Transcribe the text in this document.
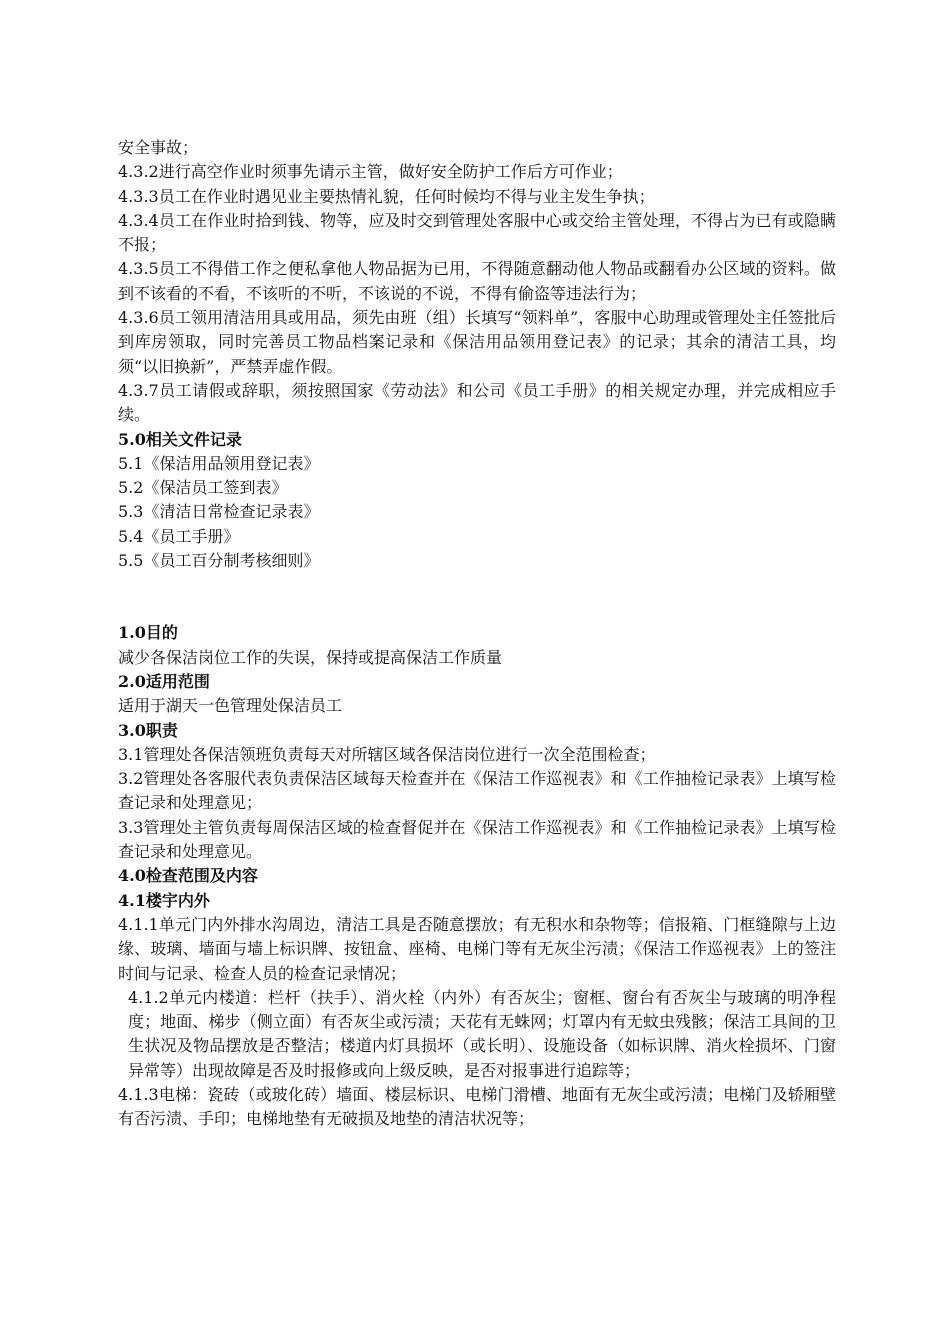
安全事故；

4.3.2进行高空作业时须事先请示主管，做好安全防护工作后方可作业；

4.3.3员工在作业时遇见业主要热情礼貌，任何时候均不得与业主发生争执；

4.3.4员工在作业时拾到钱、物等，应及时交到管理处客服中心或交给主管处理，不得占为已有或隐瞒不报；

4.3.5员工不得借工作之便私拿他人物品据为已用，不得随意翻动他人物品或翻看办公区域的资料。做到不该看的不看，不该听的不听，不该说的不说，不得有偷盗等违法行为；

4.3.6员工领用清洁用具或用品，须先由班（组）长填写“领料单”，客服中心助理或管理处主任签批后到库房领取，同时完善员工物品档案记录和《保洁用品领用登记表》的记录；其余的清洁工具，均须“以旧换新”，严禁弄虚作假。

4.3.7员工请假或辞职，须按照国家《劳动法》和公司《员工手册》的相关规定办理，并完成相应手续。

5.0相关文件记录

5.1《保洁用品领用登记表》

5.2《保洁员工签到表》

5.3《清洁日常检查记录表》

5.4《员工手册》

5.5《员工百分制考核细则》

1.0目的

减少各保洁岗位工作的失误，保持或提高保洁工作质量

2.0适用范围

适用于湖天一色管理处保洁员工

3.0职责

3.1管理处各保洁领班负责每天对所辖区域各保洁岗位进行一次全范围检查；

3.2管理处各客服代表负责保洁区域每天检查并在《保洁工作巡视表》和《工作抽检记录表》上填写检查记录和处理意见；

3.3管理处主管负责每周保洁区域的检查督促并在《保洁工作巡视表》和《工作抽检记录表》上填写检查记录和处理意见。

4.0检查范围及内容

4.1楼宇内外

4.1.1单元门内外排水沟周边，清洁工具是否随意摆放；有无积水和杂物等；信报箱、门框缝隙与上边缘、玻璃、墙面与墙上标识牌、按钮盒、座椅、电梯门等有无灰尘污渍；《保洁工作巡视表》上的签注时间与记录、检查人员的检查记录情况；

4.1.2单元内楼道：栏杆（扶手）、消火栓（内外）有否灰尘；窗框、窗台有否灰尘与玻璃的明净程度；地面、梯步（侧立面）有否灰尘或污渍；天花有无蛛网；灯罩内有无蚊虫残骸；保洁工具间的卫生状况及物品摆放是否整洁；楼道内灯具损坏（或长明）、设施设备（如标识牌、消火栓损坏、门窗异常等）出现故障是否及时报修或向上级反映，是否对报事进行追踪等；

4.1.3电梯：瓷砖（或玻化砖）墙面、楼层标识、电梯门滑槽、地面有无灰尘或污渍；电梯门及轿厢壁有否污渍、手印；电梯地垫有无破损及地垫的清洁状况等；
